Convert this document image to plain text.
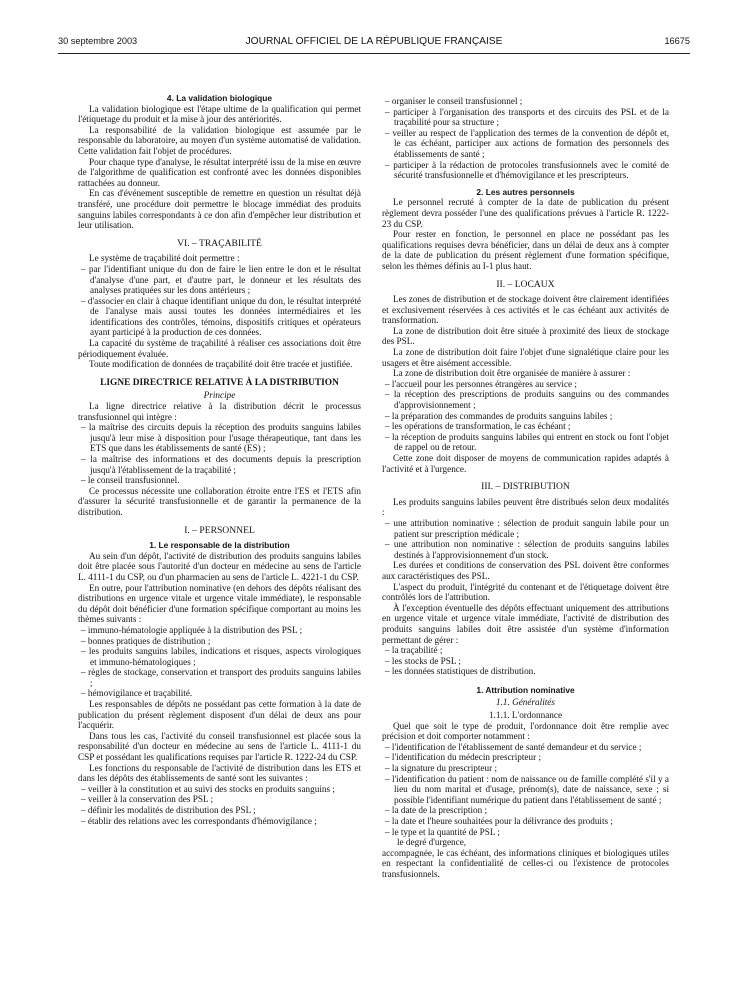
30 septembre 2003	JOURNAL OFFICIEL DE LA RÉPUBLIQUE FRANÇAISE	16675

4. La validation biologique

La validation biologique est l'étape ultime de la qualification qui permet l'étiquetage du produit et la mise à jour des antériorités.

La responsabilité de la validation biologique est assumée par le responsable du laboratoire, au moyen d'un système automatisé de validation. Cette validation fait l'objet de procédures.

Pour chaque type d'analyse, le résultat interprété issu de la mise en œuvre de l'algorithme de qualification est confronté avec les données disponibles rattachées au donneur.

En cas d'événement susceptible de remettre en question un résultat déjà transféré, une procédure doit permettre le blocage immédiat des produits sanguins labiles correspondants à ce don afin d'empêcher leur distribution et leur utilisation.

VI. – TRAÇABILITÉ

Le système de traçabilité doit permettre :

– par l'identifiant unique du don de faire le lien entre le don et le résultat d'analyse d'une part, et d'autre part, le donneur et les résultats des analyses pratiquées sur les dons antérieurs ;

– d'associer en clair à chaque identifiant unique du don, le résultat interprété de l'analyse mais aussi toutes les données intermédiaires et les identifications des contrôles, témoins, dispositifs critiques et opérateurs ayant participé à la production de ces données.

La capacité du système de traçabilité à réaliser ces associations doit être périodiquement évaluée.

Toute modification de données de traçabilité doit être tracée et justifiée.

LIGNE DIRECTRICE RELATIVE À LA DISTRIBUTION

Principe

La ligne directrice relative à la distribution décrit le processus transfusionnel qui intègre :

– la maîtrise des circuits depuis la réception des produits sanguins labiles jusqu'à leur mise à disposition pour l'usage thérapeutique, tant dans les ETS que dans les établissements de santé (ES) ;

– la maîtrise des informations et des documents depuis la prescription jusqu'à l'établissement de la traçabilité ;

– le conseil transfusionnel.

Ce processus nécessite une collaboration étroite entre l'ES et l'ETS afin d'assurer la sécurité transfusionnelle et de garantir la permanence de la distribution.

I. – PERSONNEL

1. Le responsable de la distribution

Au sein d'un dépôt, l'activité de distribution des produits sanguins labiles doit être placée sous l'autorité d'un docteur en médecine au sens de l'article L. 4111-1 du CSP, ou d'un pharmacien au sens de l'article L. 4221-1 du CSP.

En outre, pour l'attribution nominative (en dehors des dépôts réalisant des distributions en urgence vitale et urgence vitale immédiate), le responsable du dépôt doit bénéficier d'une formation spécifique comportant au moins les thèmes suivants :

– immuno-hématologie appliquée à la distribution des PSL ;

– bonnes pratiques de distribution ;

– les produits sanguins labiles, indications et risques, aspects virologiques et immuno-hématologiques ;

– règles de stockage, conservation et transport des produits sanguins labiles ;

– hémovigilance et traçabilité.

Les responsables de dépôts ne possédant pas cette formation à la date de publication du présent règlement disposent d'un délai de deux ans pour l'acquérir.

Dans tous les cas, l'activité du conseil transfusionnel est placée sous la responsabilité d'un docteur en médecine au sens de l'article L. 4111-1 du CSP et possédant les qualifications requises par l'article R. 1222-24 du CSP.

Les fonctions du responsable de l'activité de distribution dans les ETS et dans les dépôts des établissements de santé sont les suivantes :

– veiller à la constitution et au suivi des stocks en produits sanguins ;

– veiller à la conservation des PSL ;

– définir les modalités de distribution des PSL ;

– établir des relations avec les correspondants d'hémovigilance ;

– organiser le conseil transfusionnel ;

– participer à l'organisation des transports et des circuits des PSL et de la traçabilité pour sa structure ;

– veiller au respect de l'application des termes de la convention de dépôt et, le cas échéant, participer aux actions de formation des personnels des établissements de santé ;

– participer à la rédaction de protocoles transfusionnels avec le comité de sécurité transfusionnelle et d'hémovigilance et les prescripteurs.

2. Les autres personnels

Le personnel recruté à compter de la date de publication du présent règlement devra posséder l'une des qualifications prévues à l'article R. 1222-23 du CSP.

Pour rester en fonction, le personnel en place ne possédant pas les qualifications requises devra bénéficier, dans un délai de deux ans à compter de la date de publication du présent règlement d'une formation spécifique, selon les thèmes définis au I-1 plus haut.

II. – LOCAUX

Les zones de distribution et de stockage doivent être clairement identifiées et exclusivement réservées à ces activités et le cas échéant aux activités de transformation.

La zone de distribution doit être située à proximité des lieux de stockage des PSL.

La zone de distribution doit faire l'objet d'une signalétique claire pour les usagers et être aisément accessible.

La zone de distribution doit être organisée de manière à assurer :

– l'accueil pour les personnes étrangères au service ;

– la réception des prescriptions de produits sanguins ou des commandes d'approvisionnement ;

– la préparation des commandes de produits sanguins labiles ;

– les opérations de transformation, le cas échéant ;

– la réception de produits sanguins labiles qui entrent en stock ou font l'objet de rappel ou de retour.

Cette zone doit disposer de moyens de communication rapides adaptés à l'activité et à l'urgence.

III. – DISTRIBUTION

Les produits sanguins labiles peuvent être distribués selon deux modalités :

– une attribution nominative : sélection de produit sanguin labile pour un patient sur prescription médicale ;

– une attribution non nominative : sélection de produits sanguins labiles destinés à l'approvisionnement d'un stock.

Les durées et conditions de conservation des PSL doivent être conformes aux caractéristiques des PSL.

L'aspect du produit, l'intégrité du contenant et de l'étiquetage doivent être contrôlés lors de l'attribution.

À l'exception éventuelle des dépôts effectuant uniquement des attributions en urgence vitale et urgence vitale immédiate, l'activité de distribution des produits sanguins labiles doit être assistée d'un système d'information permettant de gérer :

– la traçabilité ;

– les stocks de PSL ;

– les données statistiques de distribution.

1. Attribution nominative

1.1. Généralités

1.1.1. L'ordonnance

Quel que soit le type de produit, l'ordonnance doit être remplie avec précision et doit comporter notamment :

– l'identification de l'établissement de santé demandeur et du service ;

– l'identification du médecin prescripteur ;

– la signature du prescripteur ;

– l'identification du patient : nom de naissance ou de famille complété s'il y a lieu du nom marital et d'usage, prénom(s), date de naissance, sexe ; si possible l'identifiant numérique du patient dans l'établissement de santé ;

– la date de la prescription ;

– la date et l'heure souhaitées pour la délivrance des produits ;

– le type et la quantité de PSL ;

le degré d'urgence,

accompagnée, le cas échéant, des informations cliniques et biologiques utiles en respectant la confidentialité de celles-ci ou l'existence de protocoles transfusionnels.
